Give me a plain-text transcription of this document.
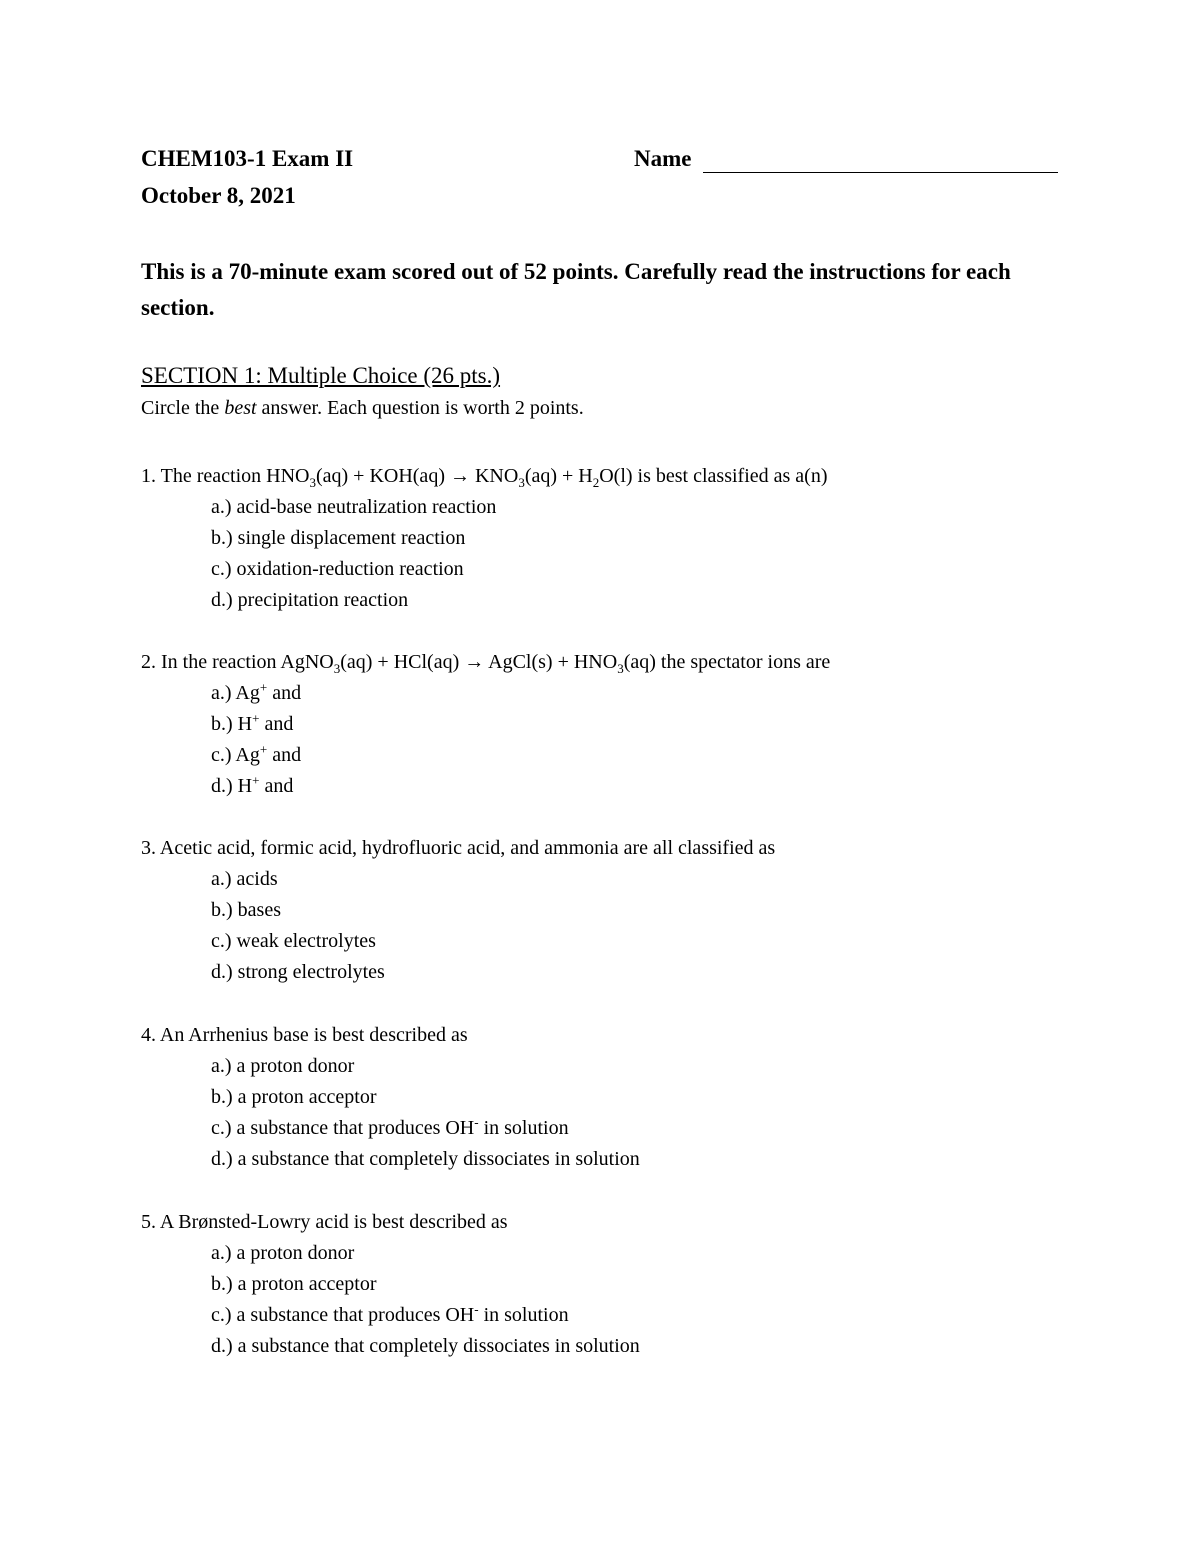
CHEM103-1 Exam II
October 8, 2021
Name
This is a 70-minute exam scored out of 52 points. Carefully read the instructions for each section.
SECTION 1: Multiple Choice (26 pts.)
Circle the best answer. Each question is worth 2 points.
1. The reaction $HNO_3(aq) + KOH(aq) \to KNO_3(aq) + H_2O(l)$ is best classified as a(n)
a.) acid-base neutralization reaction
b.) single displacement reaction
c.) oxidation-reduction reaction
d.) precipitation reaction
2. In the reaction AgNO$_3$(aq) + HCl(aq) → AgCl(s) + $HNO_3(aq)$ the spectator ions are
a.) Ag+ and
b.) H+ and
c.) Ag+ and
d.) H+ and
3. Acetic acid, formic acid, hydrofluoric acid, and ammonia are all classified as
a.) acids
b.) bases
c.) weak electrolytes
d.) strong electrolytes
4. An Arrhenius base is best described as
a.) a proton donor
b.) a proton acceptor
c.) a substance that produces OH- in solution
d.) a substance that completely dissociates in solution
5. A Brønsted-Lowry acid is best described as
a.) a proton donor
b.) a proton acceptor
c.) a substance that produces OH- in solution
d.) a substance that completely dissociates in solution
